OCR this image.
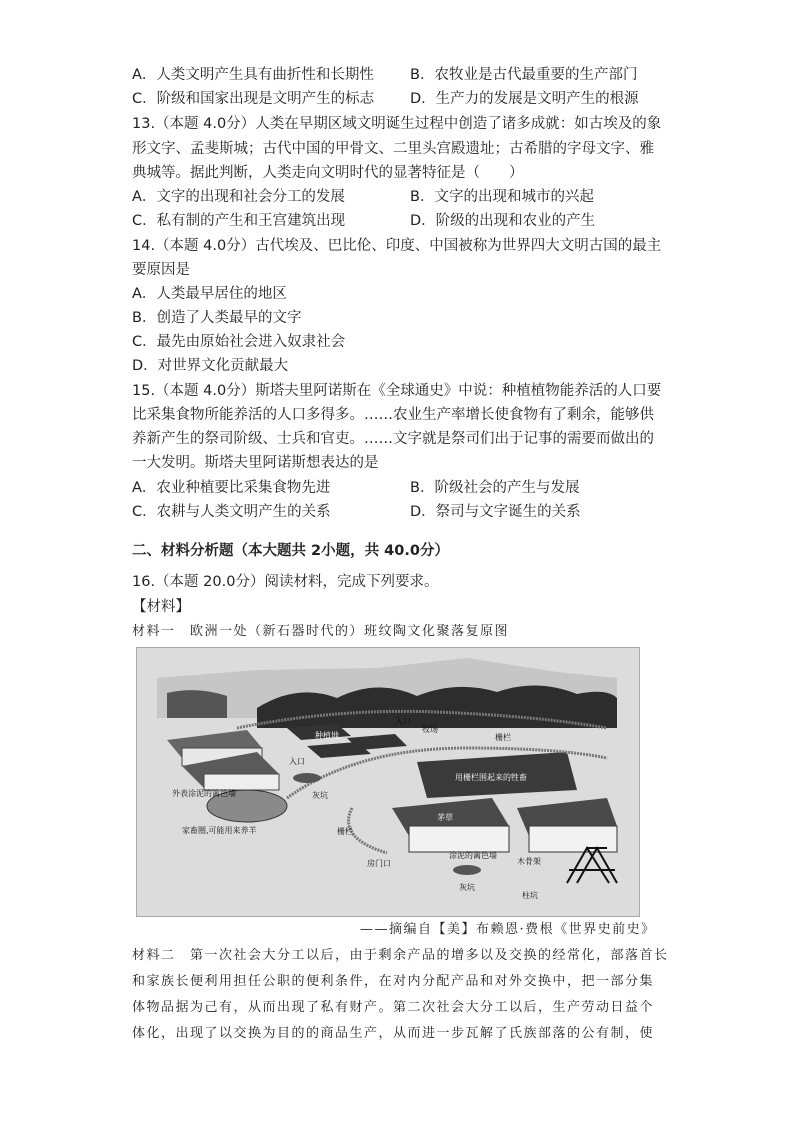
A．人类文明产生具有曲折性和长期性 B．农牧业是古代最重要的生产部门
C．阶级和国家出现是文明产生的标志 D．生产力的发展是文明产生的根源
13.（本题 4.0分）人类在早期区域文明诞生过程中创造了诸多成就：如古埃及的象
形文字、孟斐斯城；古代中国的甲骨文、二里头宫殿遗址；古希腊的字母文字、雅
典城等。据此判断，人类走向文明时代的显著特征是（　　）
A．文字的出现和社会分工的发展	B．文字的出现和城市的兴起
C．私有制的产生和王宫建筑出现	D．阶级的出现和农业的产生
14.（本题 4.0分）古代埃及、巴比伦、印度、中国被称为世界四大文明古国的最主
要原因是
A．人类最早居住的地区
B．创造了人类最早的文字
C．最先由原始社会进入奴隶社会
D．对世界文化贡献最大
15.（本题 4.0分）斯塔夫里阿诺斯在《全球通史》中说：种植植物能养活的人口要
比采集食物所能养活的人口多得多。……农业生产率增长使食物有了剩余，能够供
养新产生的祭司阶级、士兵和官吏。……文字就是祭司们出于记事的需要而做出的
一大发明。斯塔夫里阿诺斯想表达的是
A．农业种植要比采集食物先进	B．阶级社会的产生与发展
C．农耕与人类文明产生的关系	D．祭司与文字诞生的关系
二、材料分析题（本大题共 2小题，共 40.0分）
16.（本题 20.0分）阅读材料，完成下列要求。
【材料】
材料一　欧洲一处（新石器时代的）班纹陶文化聚落复原图
入口
入口
牧场
栅栏
种植地
用栅栏围起来的牲畜
外表涂泥的篱笆墙	灰坑
家畜圈,可能用来养羊	栅栏
茅草
涂泥的篱笆墙
木骨架
房门口
灰坑
柱坑
——摘编自【美】布赖恩·费根《世界史前史》
材料二　第一次社会大分工以后，由于剩余产品的增多以及交换的经常化，部落首长
和家族长便利用担任公职的便利条件，在对内分配产品和对外交换中，把一部分集
体物品据为己有，从而出现了私有财产。第二次社会大分工以后，生产劳动日益个
体化，出现了以交换为目的的商品生产，从而进一步瓦解了氏族部落的公有制，使
